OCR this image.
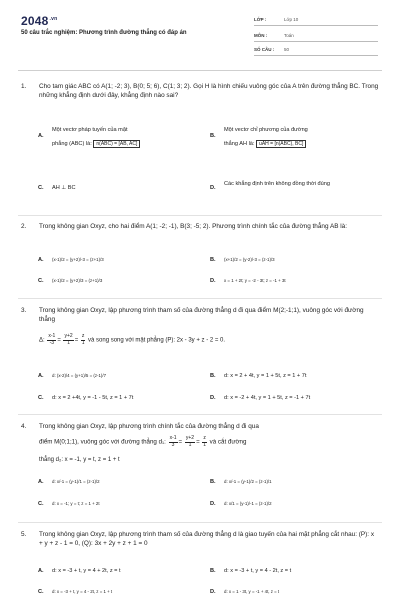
$2048^{.vn}$
50 câu trắc nghiệm: Phương trình đường thẳng có đáp án
LỚP :	Lớp 10
MÔN :	Toán
SỐ CÂU : 50
1. Cho tam giác ABC có A(1; -2; 3), B(0; 5; 6), C(1; 3; 2). Gọi H là hình chiếu vuông góc của A trên đường thẳng BC. Trong những khẳng định dưới đây, khẳng định nào sai?
A.
Một vectơ pháp tuyến của mặt
phẳng (ABC) là: n(ABC) = [AB, AC]
B.
Một vectơ chỉ phương của đường
thẳng AH là: uAH = [n(ABC), BC]
C. AH ⊥ BC	D.
Các khẳng định trên không đồng thời đúng
2. Trong không gian Oxyz, cho hai điểm A(1; -2; -1), B(3; -5; 2). Phương trình chính tắc của đường thẳng AB là:
A. (x-1)/2 = (y+2)/-3 = (z+1)/3	B. (x+1)/2 = (y-2)/-3 = (z-1)/3
C. (x-1)/2 = (y+2)/3 = (z+1)/3	D. x = 1 + 2t; y = -2 - 3t; z = -1 + 3t
3. Trong không gian Oxyz, lập phương trình tham số của đường thẳng d đi qua điểm M(2;-1;1), vuông góc với đường thẳng
Δ: $\frac{x-1}{-3} = \frac{y+2}{1} = \frac{z}{1}$ và song song với mặt phẳng (P): 2x - 3y + z - 2 = 0.
A. d: (x-2)/4 = (y+1)/5 = (z-1)/7	B. d: x = 2 + 4t, y = 1 + 5t, z = 1 + 7t
C. d: x = 2 +4t, y = -1 - 5t, z = 1 + 7t	D. d: x = -2 + 4t, y = 1 + 5t, z = -1 + 7t
4. Trong không gian Oxyz, lập phương trình chính tắc của đường thẳng d đi qua
điểm M(0;1;1), vuông góc với đường thẳng d₁: $\frac{x-1}{3} = \frac{y+2}{1} = \frac{z}{1}$ và cắt đường
thẳng d₂: x = -1, y = t, z = 1 + t
A. d: x/-1 = (y-1)/1 = (z-1)/2	B. d: x/-1 = (y-1)/2 = (z-1)/1
C. d: x = -1; y = t; z = 1 + 2t	D. d: x/1 = (y-1)/-1 = (z-1)/2
5. Trong không gian Oxyz, lập phương trình tham số của đường thẳng d là giao tuyến của hai mặt phẳng cắt nhau: (P): x + y + z - 1 = 0, (Q): 3x + 2y + z + 1 = 0
A. d: x = -3 + t, y = 4 + 2t, z = t	B. d: x = -3 + t, y = 4 - 2t, z = t
C. d: x = -3 + t, y = 4 - 2t, z = 1 + t	D. d: x = 1 - 3t, y = -1 + 4t, z = t
